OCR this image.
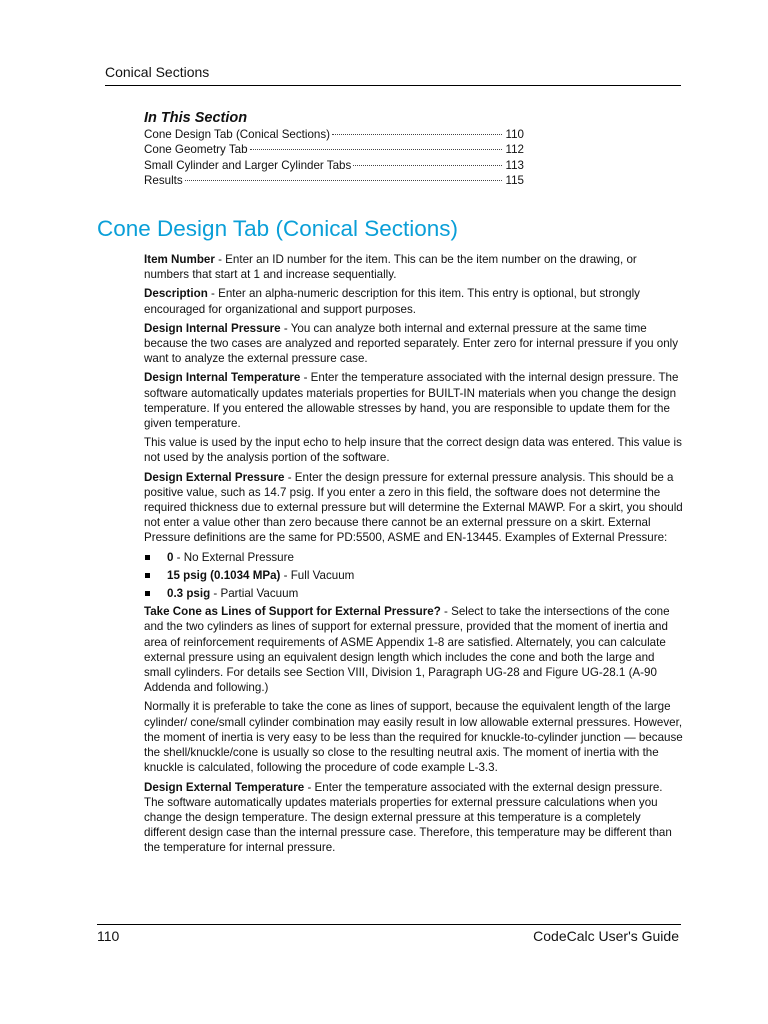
Conical Sections
In This Section
Cone Design Tab (Conical Sections)	110
Cone Geometry Tab	112
Small Cylinder and Larger Cylinder Tabs	113
Results	115
Cone Design Tab (Conical Sections)

Item Number - Enter an ID number for the item. This can be the item number on the drawing, or numbers that start at 1 and increase sequentially.

Description - Enter an alpha-numeric description for this item. This entry is optional, but strongly encouraged for organizational and support purposes.

Design Internal Pressure - You can analyze both internal and external pressure at the same time because the two cases are analyzed and reported separately. Enter zero for internal pressure if you only want to analyze the external pressure case.

Design Internal Temperature - Enter the temperature associated with the internal design pressure. The software automatically updates materials properties for BUILT-IN materials when you change the design temperature. If you entered the allowable stresses by hand, you are responsible to update them for the given temperature.

This value is used by the input echo to help insure that the correct design data was entered. This value is not used by the analysis portion of the software.

Design External Pressure - Enter the design pressure for external pressure analysis. This should be a positive value, such as 14.7 psig. If you enter a zero in this field, the software does not determine the required thickness due to external pressure but will determine the External MAWP. For a skirt, you should not enter a value other than zero because there cannot be an external pressure on a skirt. External Pressure definitions are the same for PD:5500, ASME and EN-13445. Examples of External Pressure:

0 - No External Pressure
15 psig (0.1034 MPa) - Full Vacuum
0.3 psig - Partial Vacuum

Take Cone as Lines of Support for External Pressure? - Select to take the intersections of the cone and the two cylinders as lines of support for external pressure, provided that the moment of inertia and area of reinforcement requirements of ASME Appendix 1-8 are satisfied. Alternately, you can calculate external pressure using an equivalent design length which includes the cone and both the large and small cylinders. For details see Section VIII, Division 1, Paragraph UG-28 and Figure UG-28.1 (A-90 Addenda and following.)

Normally it is preferable to take the cone as lines of support, because the equivalent length of the large cylinder/ cone/small cylinder combination may easily result in low allowable external pressures. However, the moment of inertia is very easy to be less than the required for knuckle-to-cylinder junction — because the shell/knuckle/cone is usually so close to the resulting neutral axis. The moment of inertia with the knuckle is calculated, following the procedure of code example L-3.3.

Design External Temperature - Enter the temperature associated with the external design pressure. The software automatically updates materials properties for external pressure calculations when you change the design temperature. The design external pressure at this temperature is a completely different design case than the internal pressure case. Therefore, this temperature may be different than the temperature for internal pressure.

110	CodeCalc User's Guide
